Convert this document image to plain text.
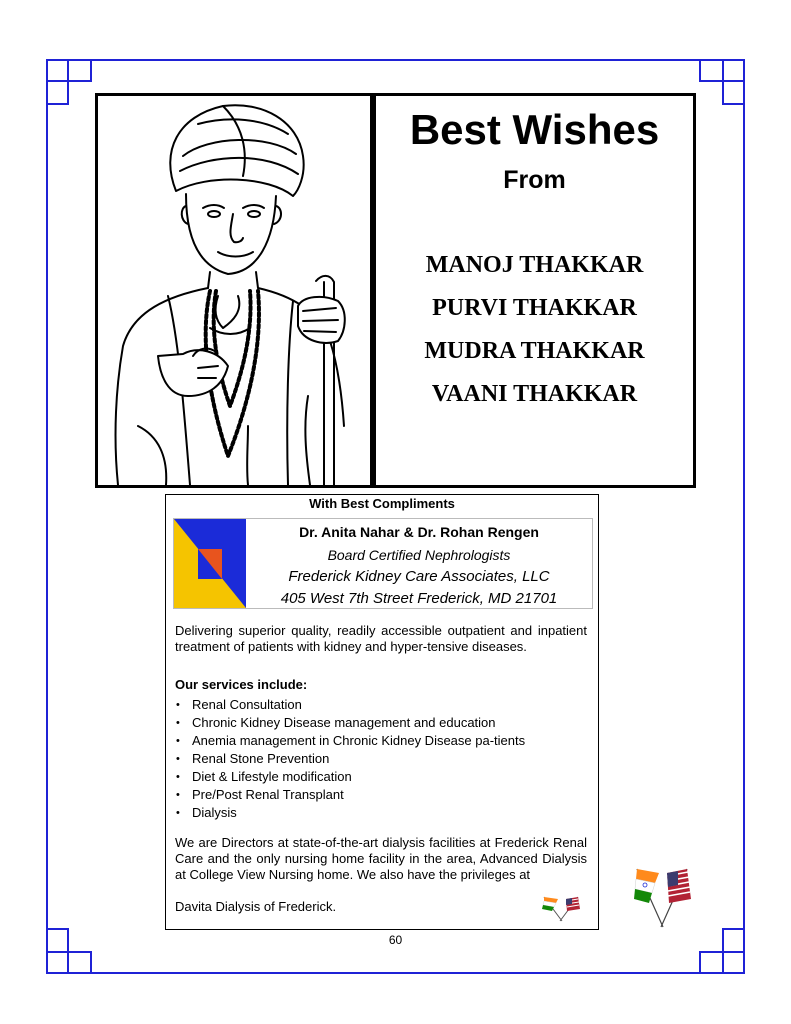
Best Wishes
From
MANOJ THAKKAR
PURVI THAKKAR
MUDRA THAKKAR
VAANI THAKKAR
With Best Compliments
Dr. Anita Nahar & Dr. Rohan Rengen
Board Certified Nephrologists
Frederick Kidney Care Associates, LLC
405 West 7th Street Frederick, MD 21701
Delivering superior quality, readily accessible outpatient and inpatient treatment of patients with kidney and hyper-tensive diseases.
Our services include:
• Renal Consultation
• Chronic Kidney Disease management and education
• Anemia management in Chronic Kidney Disease pa-tients
• Renal Stone Prevention
• Diet & Lifestyle modification
• Pre/Post Renal Transplant
• Dialysis
We are Directors at state-of-the-art dialysis facilities at Frederick Renal Care and the only nursing home facility in the area, Advanced Dialysis at College View Nursing home. We also have the privileges at
Davita Dialysis of Frederick.
60
